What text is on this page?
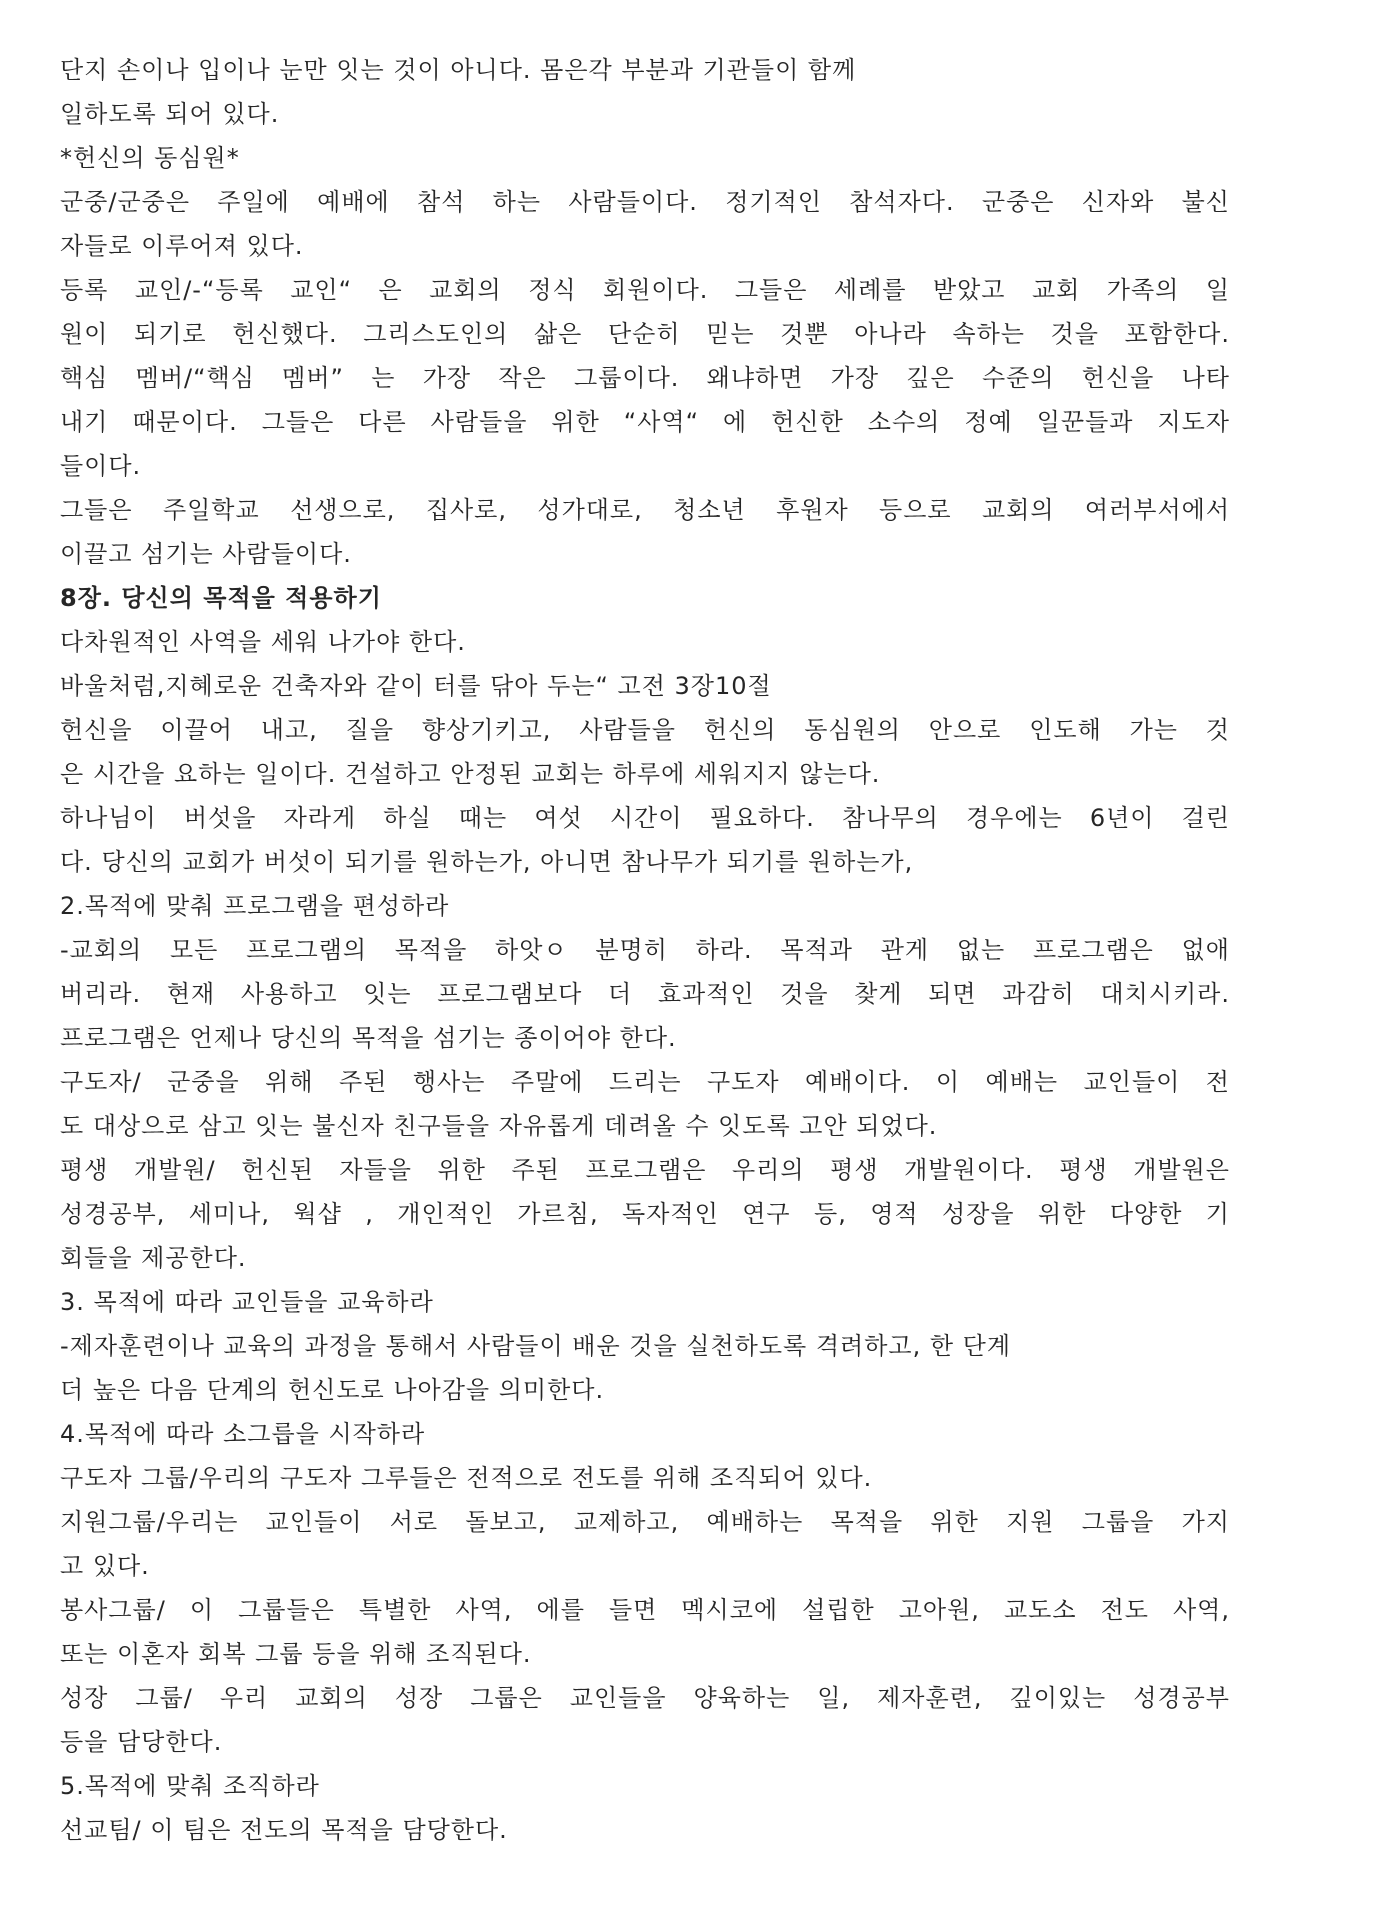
단지 손이나 입이나 눈만 잇는 것이 아니다. 몸은각 부분과 기관들이 함께
일하도록 되어 있다.
*헌신의 동심원*
군중/군중은 주일에 예배에 참석 하는 사람들이다. 정기적인 참석자다. 군중은 신자와 불신
자들로 이루어져 있다.
등록 교인/-“등록 교인“ 은 교회의 정식 회원이다. 그들은 세례를 받았고 교회 가족의 일
원이 되기로 헌신했다. 그리스도인의 삶은 단순히 믿는 것뿐 아나라 속하는 것을 포함한다.
핵심 멤버/“핵심 멤버” 는 가장 작은 그룹이다. 왜냐하면 가장 깊은 수준의 헌신을 나타
내기 때문이다. 그들은 다른 사람들을 위한 “사역“ 에 헌신한 소수의 정예 일꾼들과 지도자
들이다.
그들은 주일학교 선생으로, 집사로, 성가대로, 청소년 후원자 등으로 교회의 여러부서에서
이끌고 섬기는 사람들이다.
8장. 당신의 목적을 적용하기
다차원적인 사역을 세워 나가야 한다.
바울처럼,지혜로운 건축자와 같이 터를 닦아 두는“ 고전 3장10절
헌신을 이끌어 내고, 질을 향상기키고, 사람들을 헌신의 동심원의 안으로 인도해 가는 것
은 시간을 요하는 일이다. 건설하고 안정된 교회는 하루에 세워지지 않는다.
하나님이 버섯을 자라게 하실 때는 여섯 시간이 필요하다. 참나무의 경우에는 6년이 걸린
다. 당신의 교회가 버섯이 되기를 원하는가, 아니면 참나무가 되기를 원하는가,
2.목적에 맞춰 프로그램을 편성하라
-교회의 모든 프로그램의 목적을 하앗ㅇ 분명히 하라. 목적과 관게 없는 프로그램은 없애
버리라. 현재 사용하고 잇는 프로그램보다 더 효과적인 것을 찾게 되면 과감히 대치시키라.
프로그램은 언제나 당신의 목적을 섬기는 종이어야 한다.
구도자/ 군중을 위해 주된 행사는 주말에 드리는 구도자 예배이다. 이 예배는 교인들이 전
도 대상으로 삼고 잇는 불신자 친구들을 자유롭게 데려올 수 잇도록 고안 되었다.
평생 개발원/ 헌신된 자들을 위한 주된 프로그램은 우리의 평생 개발원이다. 평생 개발원은
성경공부, 세미나, 웍샵 , 개인적인 가르침, 독자적인 연구 등, 영적 성장을 위한 다양한 기
회들을 제공한다.
3. 목적에 따라 교인들을 교육하라
-제자훈련이나 교육의 과정을 통해서 사람들이 배운 것을 실천하도록 격려하고, 한 단계
더 높은 다음 단계의 헌신도로 나아감을 의미한다.
4.목적에 따라 소그릅을 시작하라
구도자 그룹/우리의 구도자 그루들은 전적으로 전도를 위해 조직되어 있다.
지원그룹/우리는 교인들이 서로 돌보고, 교제하고, 예배하는 목적을 위한 지원 그룹을 가지
고 있다.
봉사그룹/ 이 그룹들은 특별한 사역, 에를 들면 멕시코에 설립한 고아원, 교도소 전도 사역,
또는 이혼자 회복 그룹 등을 위해 조직된다.
성장 그룹/ 우리 교회의 성장 그룹은 교인들을 양육하는 일, 제자훈련, 깊이있는 성경공부
등을 담당한다.
5.목적에 맞춰 조직하라
선교팀/ 이 팀은 전도의 목적을 담당한다.
